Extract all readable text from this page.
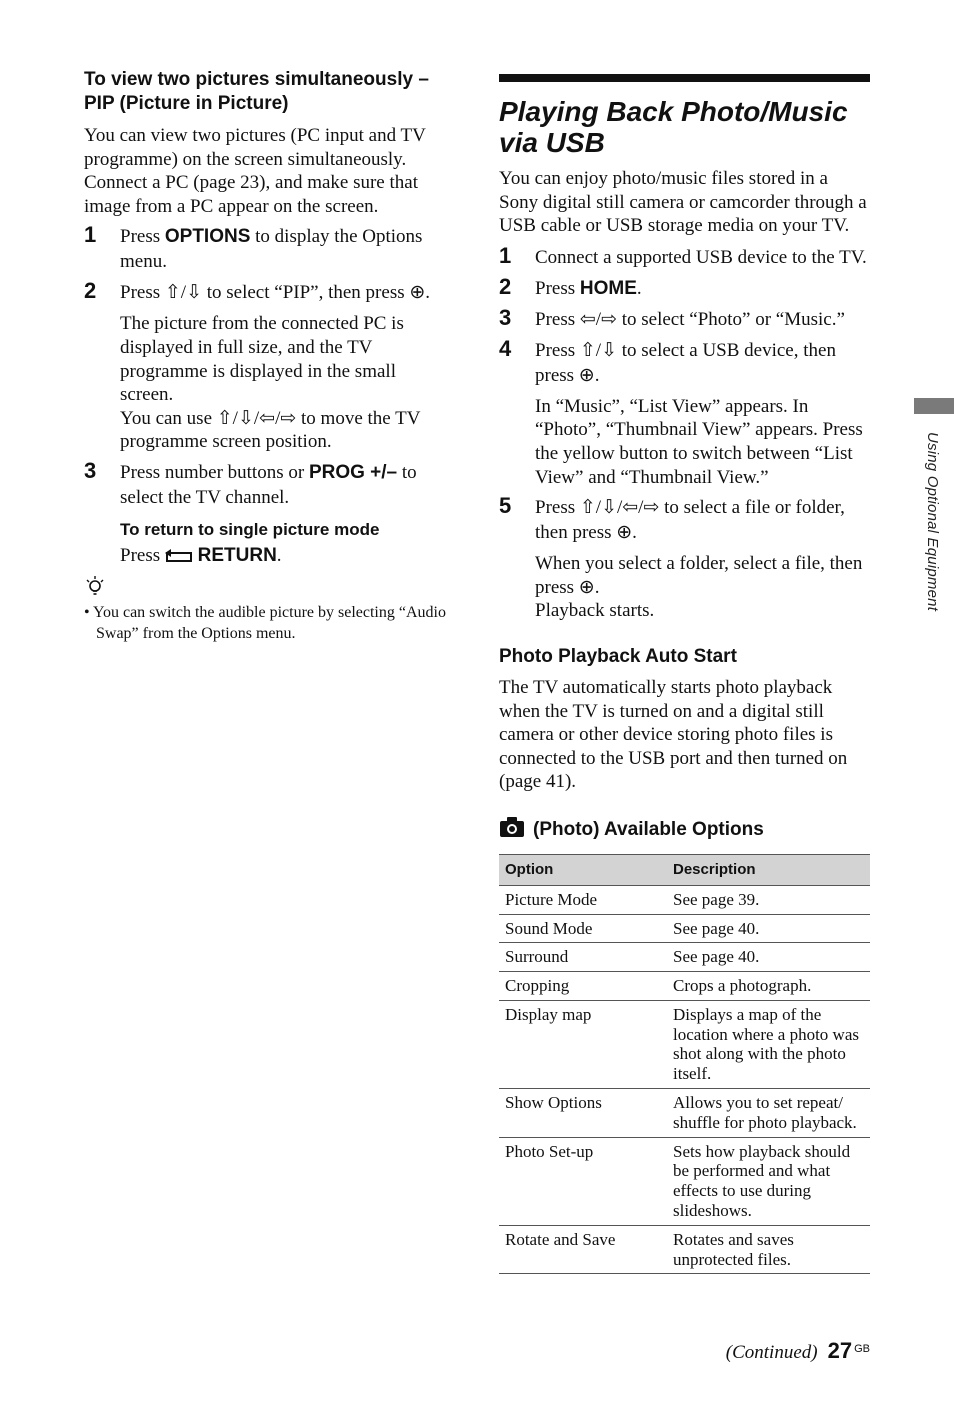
To view two pictures simultaneously – PIP (Picture in Picture)

You can view two pictures (PC input and TV programme) on the screen simultaneously. Connect a PC (page 23), and make sure that image from a PC appear on the screen.

1 Press OPTIONS to display the Options menu.
2 Press ⇧/⇩ to select “PIP”, then press ⊕.
The picture from the connected PC is displayed in full size, and the TV programme is displayed in the small screen.
You can use ⇧/⇩/⇦/⇨ to move the TV programme screen position.
3 Press number buttons or PROG +/– to select the TV channel.
To return to single picture mode
Press  RETURN.
• You can switch the audible picture by selecting “Audio Swap” from the Options menu.
Playing Back Photo/Music via USB

You can enjoy photo/music files stored in a Sony digital still camera or camcorder through a USB cable or USB storage media on your TV.

1 Connect a supported USB device to the TV.
2 Press HOME.
3 Press ⇦/⇨ to select “Photo” or “Music.”
4 Press ⇧/⇩ to select a USB device, then press ⊕.
In “Music”, “List View” appears. In “Photo”, “Thumbnail View” appears. Press the yellow button to switch between “List View” and “Thumbnail View.”
5 Press ⇧/⇩/⇦/⇨ to select a file or folder, then press ⊕.
When you select a folder, select a file, then press ⊕.
Playback starts.
Photo Playback Auto Start

The TV automatically starts photo playback when the TV is turned on and a digital still camera or other device storing photo files is connected to the USB port and then turned on (page 41).

(Photo) Available Options
Option	Description
Picture Mode	See page 39.
Sound Mode	See page 40.
Surround	See page 40.
Cropping	Crops a photograph.
Display map	Displays a map of the location where a photo was shot along with the photo itself.
Show Options	Allows you to set repeat/ shuffle for photo playback.
Photo Set-up	Sets how playback should be performed and what effects to use during slideshows.
Rotate and Save	Rotates and saves unprotected files.
Using Optional Equipment
(Continued) 27 $^{GB}$
